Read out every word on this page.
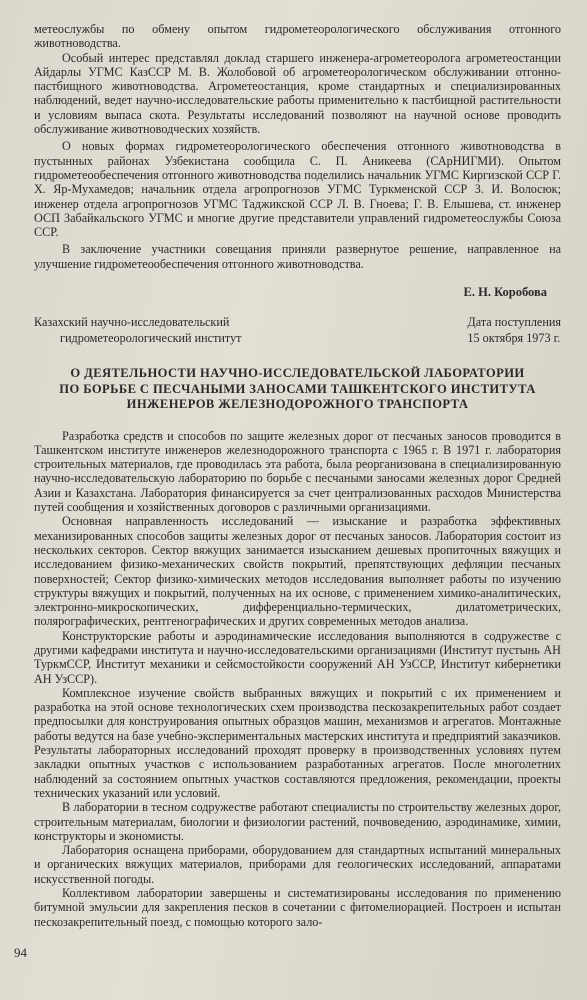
метеослужбы по обмену опытом гидрометеорологического обслуживания отгонного животноводства.

Особый интерес представлял доклад старшего инженера-агрометеоролога агрометеостанции Айдарлы УГМС КазССР М. В. Жолобовой об агрометеорологическом обслуживании отгонно-пастбищного животноводства. Агрометеостанция, кроме стандартных и специализированных наблюдений, ведет научно-исследовательские работы применительно к пастбищной растительности и условиям выпаса скота. Результаты исследований позволяют на научной основе проводить обслуживание животноводческих хозяйств.

О новых формах гидрометеорологического обеспечения отгонного животноводства в пустынных районах Узбекистана сообщила С. П. Аникеева (САрНИГМИ). Опытом гидрометеообеспечения отгонного животноводства поделились начальник УГМС Киргизской ССР Г. Х. Яр-Мухамедов; начальник отдела агропрогнозов УГМС Туркменской ССР З. И. Волосюк; инженер отдела агропрогнозов УГМС Таджикской ССР Л. В. Гноева; Г. В. Елышева, ст. инженер ОСП Забайкальского УГМС и многие другие представители управлений гидрометеослужбы Союза ССР.

В заключение участники совещания приняли развернутое решение, направленное на улучшение гидрометеообеспечения отгонного животноводства.

Е. Н. Коробова
Казахский научно-исследовательский
гидрометеорологический институт
Дата поступления
15 октября 1973 г.
О ДЕЯТЕЛЬНОСТИ НАУЧНО-ИССЛЕДОВАТЕЛЬСКОЙ ЛАБОРАТОРИИ
ПО БОРЬБЕ С ПЕСЧАНЫМИ ЗАНОСАМИ ТАШКЕНТСКОГО ИНСТИТУТА
ИНЖЕНЕРОВ ЖЕЛЕЗНОДОРОЖНОГО ТРАНСПОРТА

Разработка средств и способов по защите железных дорог от песчаных заносов проводится в Ташкентском институте инженеров железнодорожного транспорта с 1965 г. В 1971 г. лаборатория строительных материалов, где проводилась эта работа, была реорганизована в специализированную научно-исследовательскую лабораторию по борьбе с песчаными заносами железных дорог Средней Азии и Казахстана. Лаборатория финансируется за счет централизованных расходов Министерства путей сообщения и хозяйственных договоров с различными организациями.

Основная направленность исследований — изыскание и разработка эффективных механизированных способов защиты железных дорог от песчаных заносов. Лаборатория состоит из нескольких секторов. Сектор вяжущих занимается изысканием дешевых пропиточных вяжущих и исследованием физико-механических свойств покрытий, препятствующих дефляции песчаных поверхностей; Сектор физико-химических методов исследования выполняет работы по изучению структуры вяжущих и покрытий, полученных на их основе, с применением химико-аналитических, электронно-микроскопических, дифференциально-термических, дилатометрических, полярографических, рентгенографических и других современных методов анализа.

Конструкторские работы и аэродинамические исследования выполняются в содружестве с другими кафедрами института и научно-исследовательскими организациями (Институт пустынь АН ТуркмССР, Институт механики и сейсмостойкости сооружений АН УзССР, Институт кибернетики АН УзССР).

Комплексное изучение свойств выбранных вяжущих и покрытий с их применением и разработка на этой основе технологических схем производства пескозакрепительных работ создает предпосылки для конструирования опытных образцов машин, механизмов и агрегатов. Монтажные работы ведутся на базе учебно-экспериментальных мастерских института и предприятий заказчиков. Результаты лабораторных исследований проходят проверку в производственных условиях путем закладки опытных участков с использованием разработанных агрегатов. После многолетних наблюдений за состоянием опытных участков составляются предложения, рекомендации, проекты технических указаний или условий.

В лаборатории в тесном содружестве работают специалисты по строительству железных дорог, строительным материалам, биологии и физиологии растений, почвоведению, аэродинамике, химии, конструкторы и экономисты.

Лаборатория оснащена приборами, оборудованием для стандартных испытаний минеральных и органических вяжущих материалов, приборами для геологических исследований, аппаратами искусственной погоды.

Коллективом лаборатории завершены и систематизированы исследования по применению битумной эмульсии для закрепления песков в сочетании с фитомелиорацией. Построен и испытан пескозакрепительный поезд, с помощью которого зало-

94
